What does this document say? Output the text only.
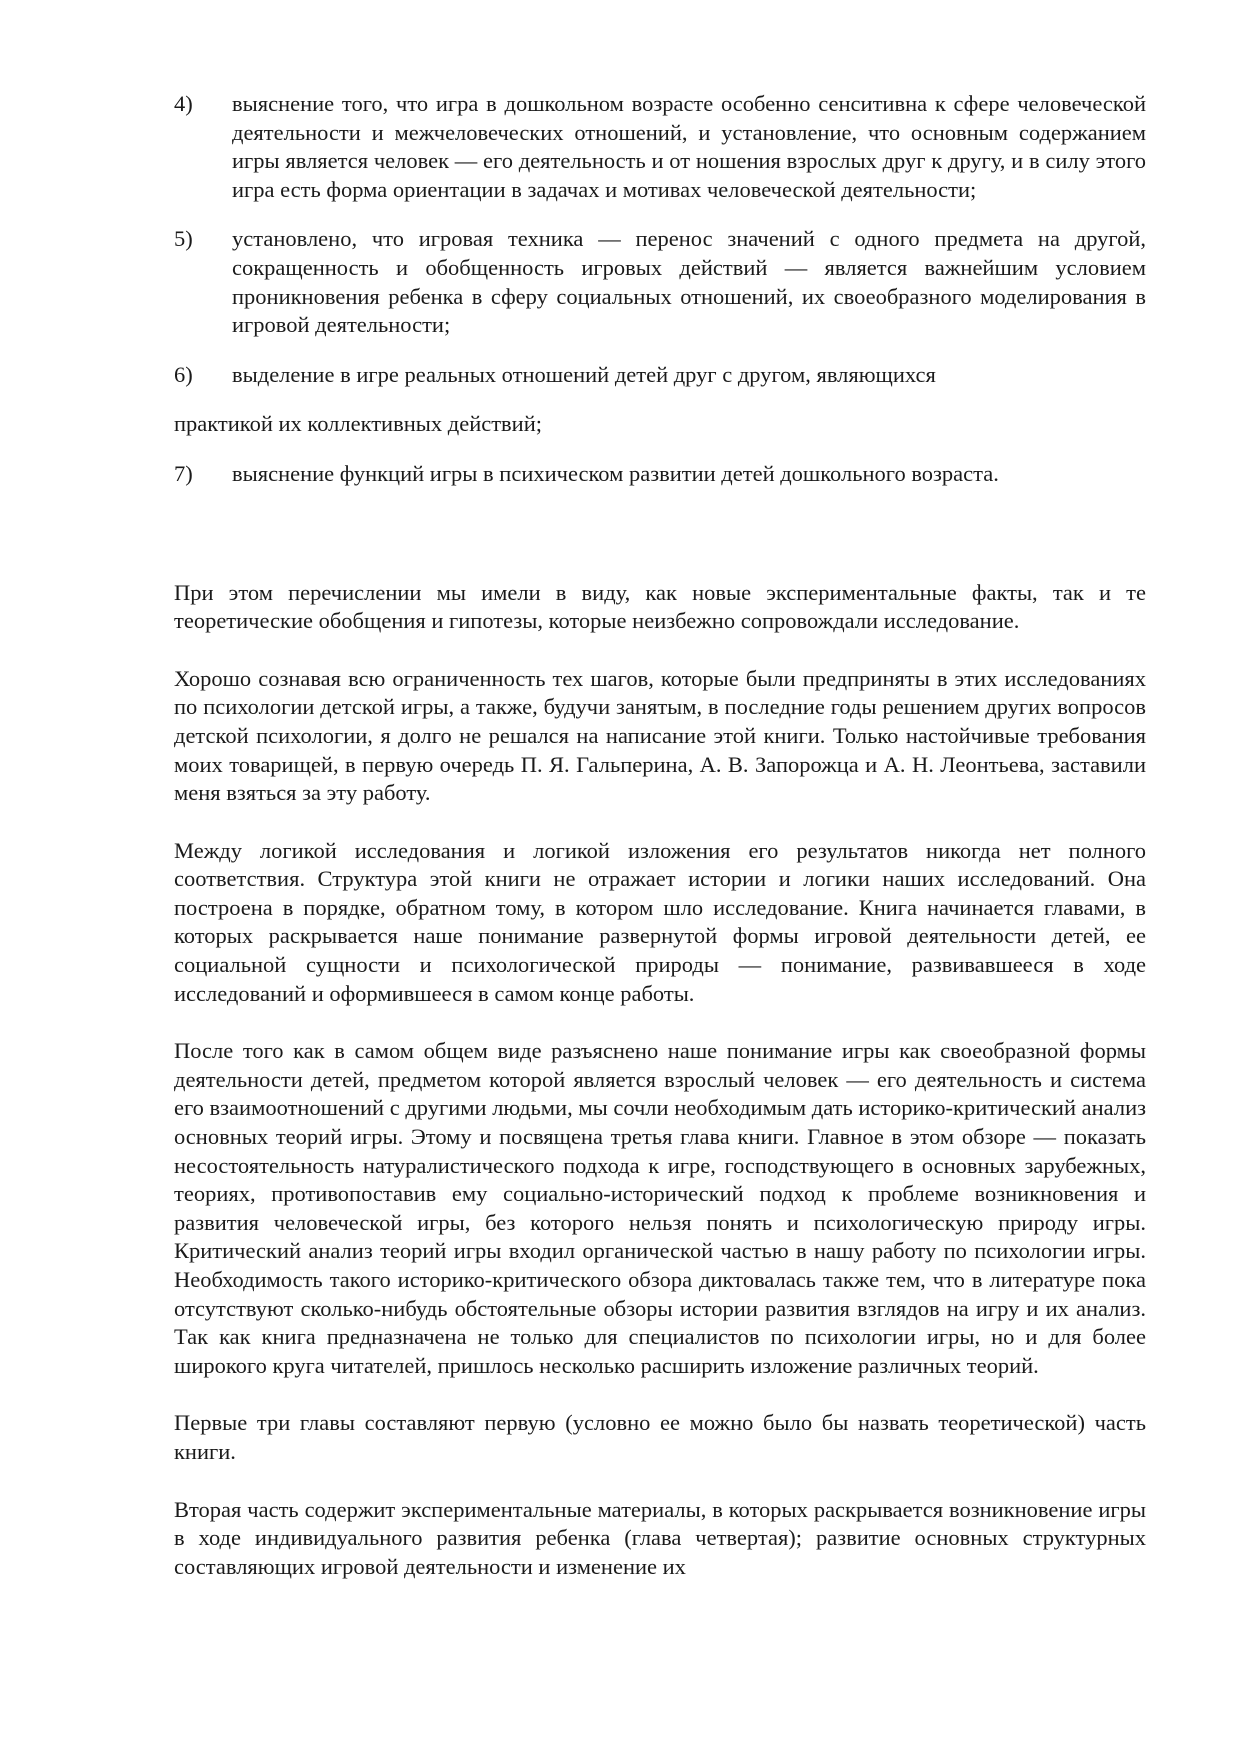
4)	выяснение того, что игра в дошкольном возрасте особенно сенситивна к сфере человеческой деятельности и межчеловеческих отношений, и установление, что основным содержанием игры является человек — его деятельность и от ношения взрослых друг к другу, и в силу этого игра есть форма ориентации в задачах и мотивах человеческой деятельности;
5)	установлено, что игровая техника — перенос значений с одного предмета на другой, сокращенность и обобщенность игровых действий — является важнейшим условием проникновения ребенка в сферу социальных отношений, их своеобразного моделирования в игровой деятельности;
6)	выделение в игре реальных отношений детей друг с другом, являющихся

практикой их коллективных действий;

7)	выяснение функций игры в психическом развитии детей дошкольного возраста.

При этом перечислении мы имели в виду, как новые экспериментальные факты, так и те теоретические обобщения и гипотезы, которые неизбежно сопровождали исследование.

Хорошо сознавая всю ограниченность тех шагов, которые были предприняты в этих исследованиях по психологии детской игры, а также, будучи занятым, в последние годы решением других вопросов детской психологии, я долго не решался на написание этой книги. Только настойчивые требования моих товарищей, в первую очередь П. Я. Гальперина, А. В. Запорожца и А. Н. Леонтьева, заставили меня взяться за эту работу.

Между логикой исследования и логикой изложения его результатов никогда нет полного соответствия. Структура этой книги не отражает истории и логики наших исследований. Она построена в порядке, обратном тому, в котором шло исследование. Книга начинается главами, в которых раскрывается наше понимание развернутой формы игровой деятельности детей, ее социальной сущности и психологической природы — понимание, развивавшееся в ходе исследований и оформившееся в самом конце работы.

После того как в самом общем виде разъяснено наше понимание игры как своеобразной формы деятельности детей, предметом которой является взрослый человек — его деятельность и система его взаимоотношений с другими людьми, мы сочли необходимым дать историко-критический анализ основных теорий игры. Этому и посвящена третья глава книги. Главное в этом обзоре — показать несостоятельность натуралистического подхода к игре, господствующего в основных зарубежных, теориях, противопоставив ему социально-исторический подход к проблеме возникновения и развития человеческой игры, без которого нельзя понять и психологическую природу игры. Критический анализ теорий игры входил органической частью в нашу работу по психологии игры. Необходимость такого историко-критического обзора диктовалась также тем, что в литературе пока отсутствуют сколько-нибудь обстоятельные обзоры истории развития взглядов на игру и их анализ. Так как книга предназначена не только для специалистов по психологии игры, но и для более широкого круга читателей, пришлось несколько расширить изложение различных теорий.

Первые три главы составляют первую (условно ее можно было бы назвать теоретической) часть книги.

Вторая часть содержит экспериментальные материалы, в которых раскрывается возникновение игры в ходе индивидуального развития ребенка (глава четвертая); развитие основных структурных составляющих игровой деятельности и изменение их
